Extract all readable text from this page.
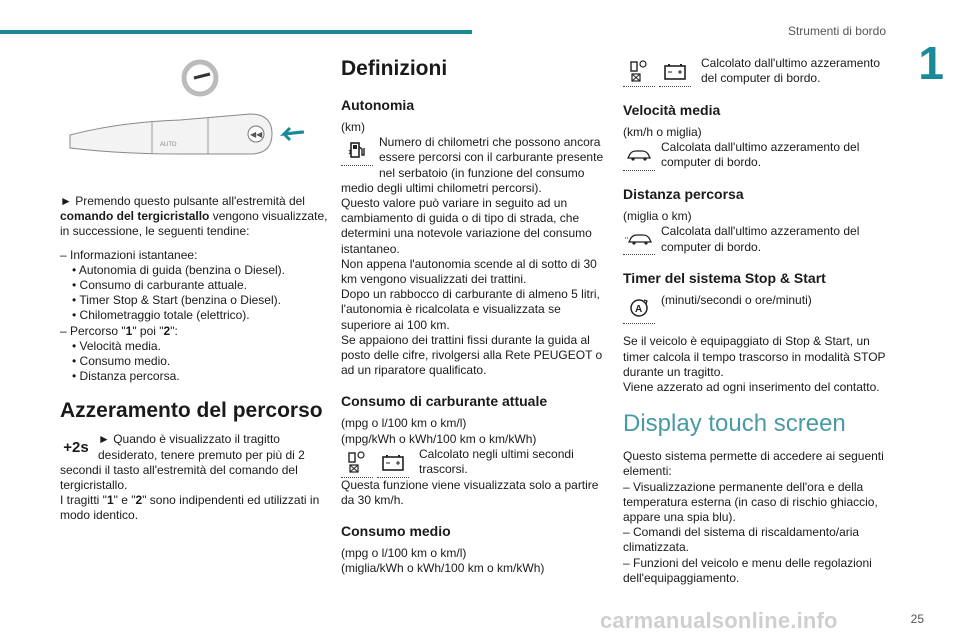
Strumenti di bordo
1
AUTO
◀◀

► Premendo questo pulsante all'estremità del comando del tergicristallo vengono visualizzate, in successione, le seguenti tendine:

– Informazioni istantanee:

• Autonomia di guida (benzina o Diesel).

• Consumo di carburante attuale.

• Timer Stop & Start (benzina o Diesel).

• Chilometraggio totale (elettrico).

– Percorso "1" poi "2":

• Velocità media.

• Consumo medio.

• Distanza percorsa.

Azzeramento del percorso
+2s ► Quando è visualizzato il tragitto desiderato, tenere premuto per più di 2 secondi il tasto all'estremità del comando del tergicristallo.

I tragitti "1" e "2" sono indipendenti ed utilizzati in modo identico.

Definizioni
Autonomia

(km)

Numero di chilometri che possono ancora essere percorsi con il carburante presente nel serbatoio (in funzione del consumo medio degli ultimi chilometri percorsi).

Questo valore può variare in seguito ad un cambiamento di guida o di tipo di strada, che determini una notevole variazione del consumo istantaneo.

Non appena l'autonomia scende al di sotto di 30 km vengono visualizzati dei trattini.

Dopo un rabbocco di carburante di almeno 5 litri, l'autonomia è ricalcolata e visualizzata se superiore ai 100 km.

Se appaiono dei trattini fissi durante la guida al posto delle cifre, rivolgersi alla Rete PEUGEOT o ad un riparatore qualificato.

Consumo di carburante attuale

(mpg o l/100 km o km/l)

(mpg/kWh o kWh/100 km o km/kWh)

Calcolato negli ultimi secondi trascorsi.

Questa funzione viene visualizzata solo a partire da 30 km/h.

Consumo medio

(mpg o l/100 km o km/l)

(miglia/kWh o kWh/100 km o km/kWh)

Calcolato dall'ultimo azzeramento del computer di bordo.

Velocità media

(km/h o miglia)

Calcolata dall'ultimo azzeramento del computer di bordo.

Distanza percorsa

(miglia o km)

Calcolata dall'ultimo azzeramento del computer di bordo.

Timer del sistema Stop & Start
A

(minuti/secondi o ore/minuti)

Se il veicolo è equipaggiato di Stop & Start, un timer calcola il tempo trascorso in modalità STOP durante un tragitto.

Viene azzerato ad ogni inserimento del contatto.

Display touch screen

Questo sistema permette di accedere ai seguenti elementi:

– Visualizzazione permanente dell'ora e della temperatura esterna (in caso di rischio ghiaccio, appare una spia blu).

– Comandi del sistema di riscaldamento/aria climatizzata.

– Funzioni del veicolo e menu delle regolazioni dell'equipaggiamento.

carmanualsonline.info	25
